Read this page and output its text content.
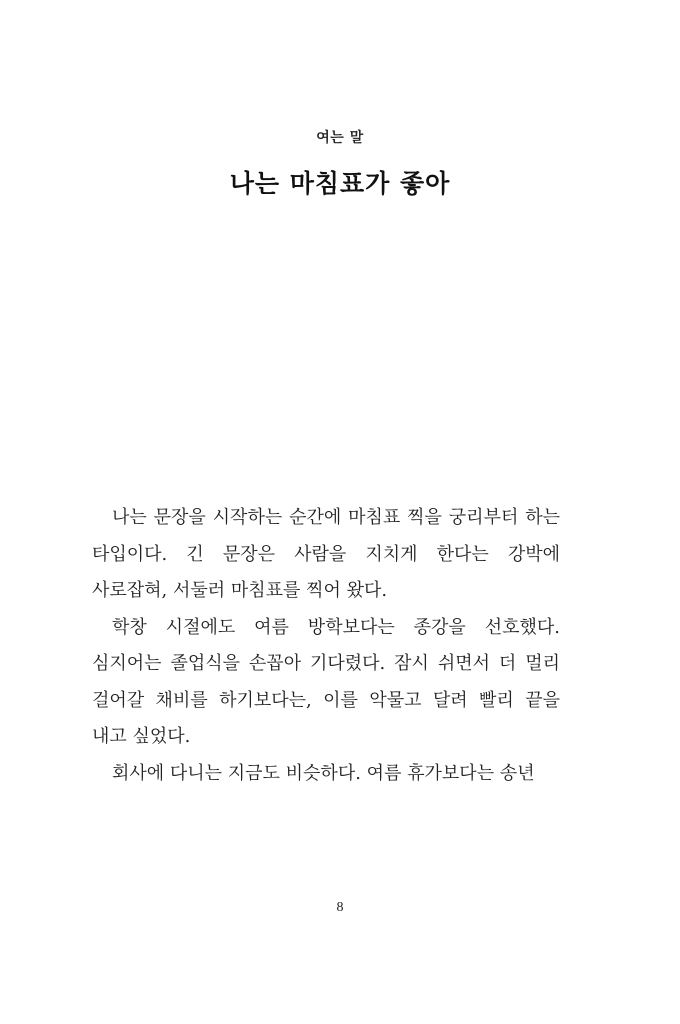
여는 말
나는 마침표가 좋아

나는 문장을 시작하는 순간에 마침표 찍을 궁리부터 하는 타입이다. 긴 문장은 사람을 지치게 한다는 강박에 사로잡혀, 서둘러 마침표를 찍어 왔다.

학창 시절에도 여름 방학보다는 종강을 선호했다. 심지어는 졸업식을 손꼽아 기다렸다. 잠시 쉬면서 더 멀리 걸어갈 채비를 하기보다는, 이를 악물고 달려 빨리 끝을 내고 싶었다.

회사에 다니는 지금도 비슷하다. 여름 휴가보다는 송년

8
